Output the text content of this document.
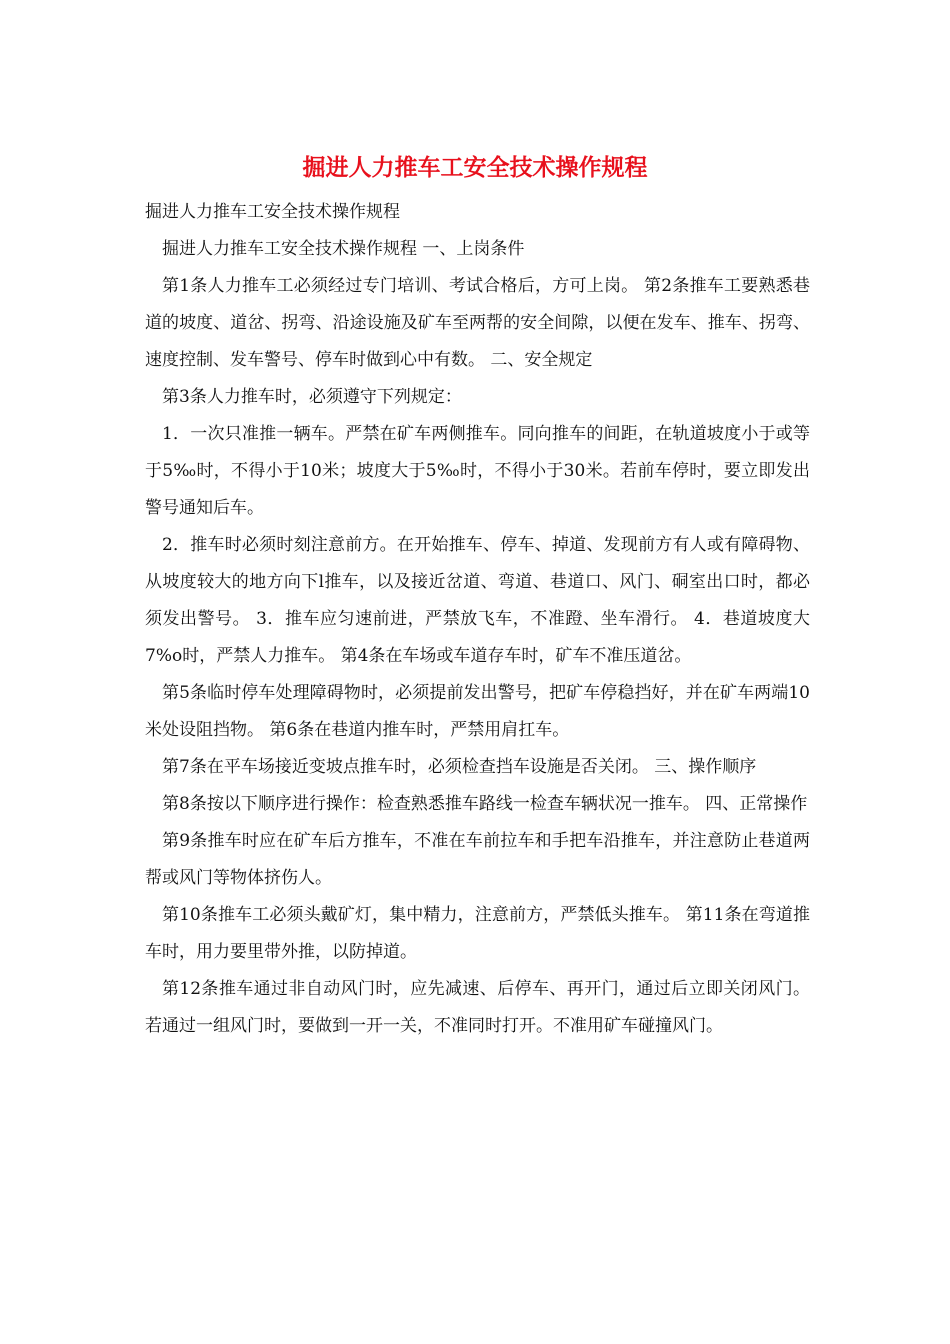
掘进人力推车工安全技术操作规程

掘进人力推车工安全技术操作规程

掘进人力推车工安全技术操作规程 一、上岗条件

第1条人力推车工必须经过专门培训、考试合格后，方可上岗。 第2条推车工要熟悉巷道的坡度、道岔、拐弯、沿途设施及矿车至两帮的安全间隙，以便在发车、推车、拐弯、速度控制、发车警号、停车时做到心中有数。 二、安全规定

第3条人力推车时，必须遵守下列规定：

1．一次只准推一辆车。严禁在矿车两侧推车。同向推车的间距，在轨道坡度小于或等于5‰时，不得小于10米；坡度大于5‰时，不得小于30米。若前车停时，要立即发出警号通知后车。

2．推车时必须时刻注意前方。在开始推车、停车、掉道、发现前方有人或有障碍物、从坡度较大的地方向下l推车，以及接近岔道、弯道、巷道口、风门、硐室出口时，都必须发出警号。 3．推车应匀速前进，严禁放飞车，不准蹬、坐车滑行。 4．巷道坡度大7%o时，严禁人力推车。 第4条在车场或车道存车时，矿车不准压道岔。

第5条临时停车处理障碍物时，必须提前发出警号，把矿车停稳挡好，并在矿车两端10米处设阻挡物。 第6条在巷道内推车时，严禁用肩扛车。

第7条在平车场接近变坡点推车时，必须检查挡车设施是否关闭。 三、操作顺序

第8条按以下顺序进行操作：检查熟悉推车路线一检查车辆状况一推车。 四、正常操作

第9条推车时应在矿车后方推车，不准在车前拉车和手把车沿推车，并注意防止巷道两帮或风门等物体挤伤人。

第10条推车工必须头戴矿灯，集中精力，注意前方，严禁低头推车。 第11条在弯道推车时，用力要里带外推，以防掉道。

第12条推车通过非自动风门时，应先减速、后停车、再开门，通过后立即关闭风门。若通过一组风门时，要做到一开一关，不准同时打开。不准用矿车碰撞风门。
